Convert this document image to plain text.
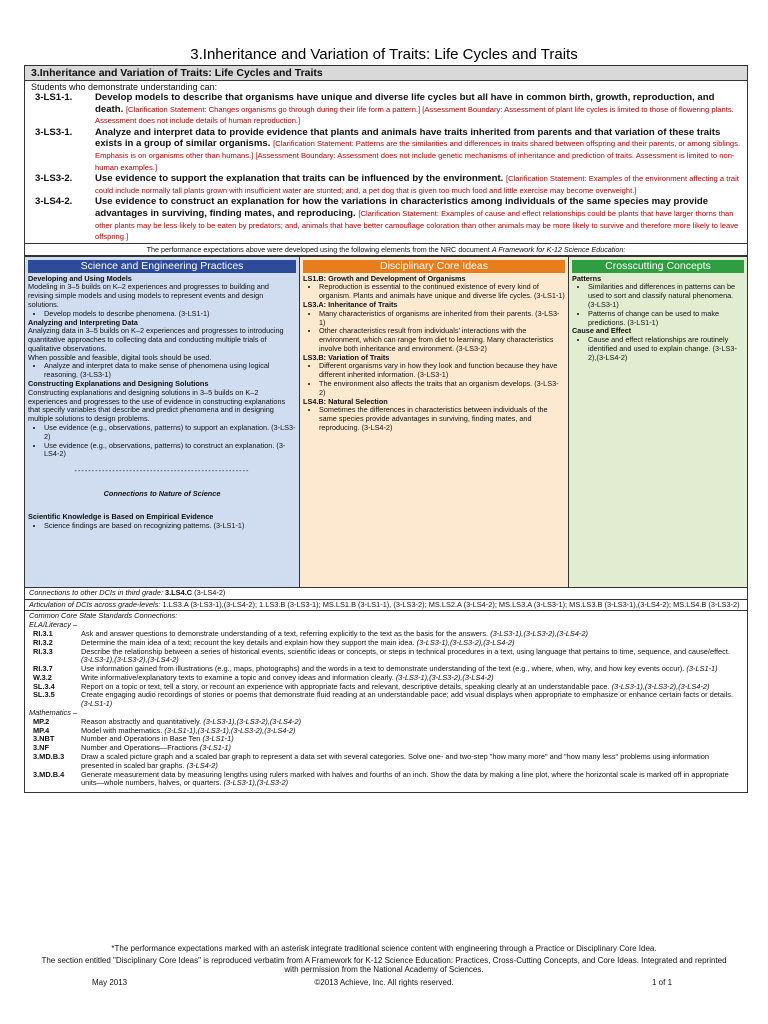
3.Inheritance and Variation of Traits: Life Cycles and Traits
3.Inheritance and Variation of Traits: Life Cycles and Traits
Students who demonstrate understanding can:
3-LS1-1.	Develop models to describe that organisms have unique and diverse life cycles but all have in common birth, growth, reproduction, and death. [Clarification Statement: Changes organisms go through during their life form a pattern.] [Assessment Boundary: Assessment of plant life cycles is limited to those of flowering plants. Assessment does not include details of human reproduction.]
3-LS3-1.	Analyze and interpret data to provide evidence that plants and animals have traits inherited from parents and that variation of these traits exists in a group of similar organisms. [Clarification Statement: Patterns are the similarities and differences in traits shared between offspring and their parents, or among siblings. Emphasis is on organisms other than humans.] [Assessment Boundary: Assessment does not include genetic mechanisms of inheritance and prediction of traits. Assessment is limited to non-human examples.]
3-LS3-2.	Use evidence to support the explanation that traits can be influenced by the environment. [Clarification Statement: Examples of the environment affecting a trait could include normally tall plants grown with insufficient water are stunted; and, a pet dog that is given too much food and little exercise may become overweight.]
3-LS4-2.	Use evidence to construct an explanation for how the variations in characteristics among individuals of the same species may provide advantages in surviving, finding mates, and reproducing. [Clarification Statement: Examples of cause and effect relationships could be plants that have larger thorns than other plants may be less likely to be eaten by predators; and, animals that have better camouflage coloration than other animals may be more likely to survive and therefore more likely to leave offspring.]
The performance expectations above were developed using the following elements from the NRC document A Framework for K-12 Science Education:
Science and Engineering Practices
Developing and Using Models
Modeling in 3–5 builds on K–2 experiences and progresses to building and revising simple models and using models to represent events and design solutions.
• Develop models to describe phenomena. (3-LS1-1)
Analyzing and Interpreting Data
Analyzing data in 3–5 builds on K–2 experiences and progresses to introducing quantitative approaches to collecting data and conducting multiple trials of qualitative observations.
When possible and feasible, digital tools should be used.
• Analyze and interpret data to make sense of phenomena using logical reasoning. (3-LS3-1)
Constructing Explanations and Designing Solutions
Constructing explanations and designing solutions in 3–5 builds on K–2 experiences and progresses to the use of evidence in constructing explanations that specify variables that describe and predict phenomena and in designing multiple solutions to design problems.
• Use evidence (e.g., observations, patterns) to support an explanation. (3-LS3-2)
• Use evidence (e.g., observations, patterns) to construct an explanation. (3-LS4-2)
---------------------------------------------------
Connections to Nature of Science
Scientific Knowledge is Based on Empirical Evidence
• Science findings are based on recognizing patterns. (3-LS1-1)
Disciplinary Core Ideas
LS1.B: Growth and Development of Organisms
• Reproduction is essential to the continued existence of every kind of organism. Plants and animals have unique and diverse life cycles. (3-LS1-1)
LS3.A: Inheritance of Traits
• Many characteristics of organisms are inherited from their parents. (3-LS3-1)
• Other characteristics result from individuals’ interactions with the environment, which can range from diet to learning. Many characteristics involve both inheritance and environment. (3-LS3-2)
LS3.B: Variation of Traits
• Different organisms vary in how they look and function because they have different inherited information. (3-LS3-1)
• The environment also affects the traits that an organism develops. (3-LS3-2)
LS4.B: Natural Selection
• Sometimes the differences in characteristics between individuals of the same species provide advantages in surviving, finding mates, and reproducing. (3-LS4-2)
Crosscutting Concepts
Patterns
• Similarities and differences in patterns can be used to sort and classify natural phenomena. (3-LS3-1)
• Patterns of change can be used to make predictions. (3-LS1-1)
Cause and Effect
• Cause and effect relationships are routinely identified and used to explain change. (3-LS3-2),(3-LS4-2)
Connections to other DCIs in third grade: 3.LS4.C (3-LS4-2)
Articulation of DCIs across grade-levels: 1.LS3.A (3-LS3-1),(3-LS4-2); 1.LS3.B (3-LS3-1); MS.LS1.B (3-LS1-1), (3-LS3-2); MS.LS2.A (3-LS4-2); MS.LS3.A (3-LS3-1); MS.LS3.B (3-LS3-1),(3-LS4-2); MS.LS4.B (3-LS3-2)
Common Core State Standards Connections:
ELA/Literacy –
RI.3.1	Ask and answer questions to demonstrate understanding of a text, referring explicitly to the text as the basis for the answers. (3-LS3-1),(3-LS3-2),(3-LS4-2)
RI.3.2	Determine the main idea of a text; recount the key details and explain how they support the main idea. (3-LS3-1),(3-LS3-2),(3-LS4-2)
RI.3.3	Describe the relationship between a series of historical events, scientific ideas or concepts, or steps in technical procedures in a text, using language that pertains to time, sequence, and cause/effect. (3-LS3-1),(3-LS3-2),(3-LS4-2)
RI.3.7	Use information gained from illustrations (e.g., maps, photographs) and the words in a text to demonstrate understanding of the text (e.g., where, when, why, and how key events occur). (3-LS1-1)
W.3.2	Write informative/explanatory texts to examine a topic and convey ideas and information clearly. (3-LS3-1),(3-LS3-2),(3-LS4-2)
SL.3.4	Report on a topic or text, tell a story, or recount an experience with appropriate facts and relevant, descriptive details, speaking clearly at an understandable pace. (3-LS3-1),(3-LS3-2),(3-LS4-2)
SL.3.5	Create engaging audio recordings of stories or poems that demonstrate fluid reading at an understandable pace; add visual displays when appropriate to emphasize or enhance certain facts or details. (3-LS1-1)
Mathematics –
MP.2	Reason abstractly and quantitatively. (3-LS3-1),(3-LS3-2),(3-LS4-2)
MP.4	Model with mathematics. (3-LS1-1),(3-LS3-1),(3-LS3-2),(3-LS4-2)
3.NBT	Number and Operations in Base Ten (3-LS1-1)
3.NF	Number and Operations—Fractions (3-LS1-1)
3.MD.B.3	Draw a scaled picture graph and a scaled bar graph to represent a data set with several categories. Solve one- and two-step "how many more" and "how many less" problems using information presented in scaled bar graphs. (3-LS4-2)
3.MD.B.4	Generate measurement data by measuring lengths using rulers marked with halves and fourths of an inch. Show the data by making a line plot, where the horizontal scale is marked off in appropriate units—whole numbers, halves, or quarters. (3-LS3-1),(3-LS3-2)
*The performance expectations marked with an asterisk integrate traditional science content with engineering through a Practice or Disciplinary Core Idea.
The section entitled "Disciplinary Core Ideas" is reproduced verbatim from A Framework for K-12 Science Education: Practices, Cross-Cutting Concepts, and Core Ideas. Integrated and reprinted with permission from the National Academy of Sciences.
May 2013	©2013 Achieve, Inc. All rights reserved.	1 of 1
